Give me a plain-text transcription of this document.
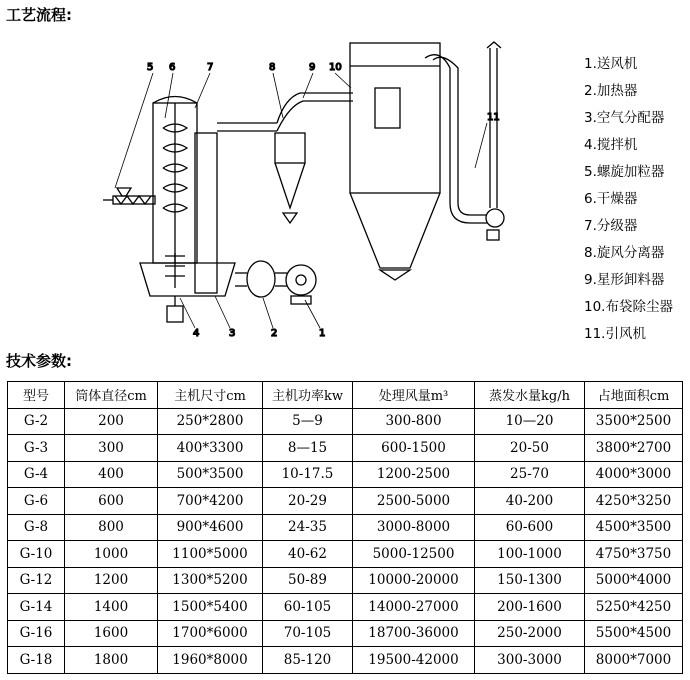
工艺流程:
5 6	7	8	9 10
11
4	3	2	1
1.送风机
2.加热器
3.空气分配器
4.搅拌机
5.螺旋加粒器
6.干燥器
7.分级器
8.旋风分离器
9.星形卸料器
10.布袋除尘器
11.引风机
技术参数:
型号	筒体直径cm	主机尺寸cm	主机功率kw	处理风量m³	蒸发水量kg/h	占地面积cm
G-2	200	250*2800	5—9	300-800	10—20	3500*2500
G-3	300	400*3300	8—15	600-1500	20-50	3800*2700
G-4	400	500*3500	10-17.5	1200-2500	25-70	4000*3000
G-6	600	700*4200	20-29	2500-5000	40-200	4250*3250
G-8	800	900*4600	24-35	3000-8000	60-600	4500*3500
G-10	1000	1100*5000	40-62	5000-12500	100-1000	4750*3750
G-12	1200	1300*5200	50-89	10000-20000	150-1300	5000*4000
G-14	1400	1500*5400	60-105	14000-27000	200-1600	5250*4250
G-16	1600	1700*6000	70-105	18700-36000	250-2000	5500*4500
G-18	1800	1960*8000	85-120	19500-42000	300-3000	8000*7000
